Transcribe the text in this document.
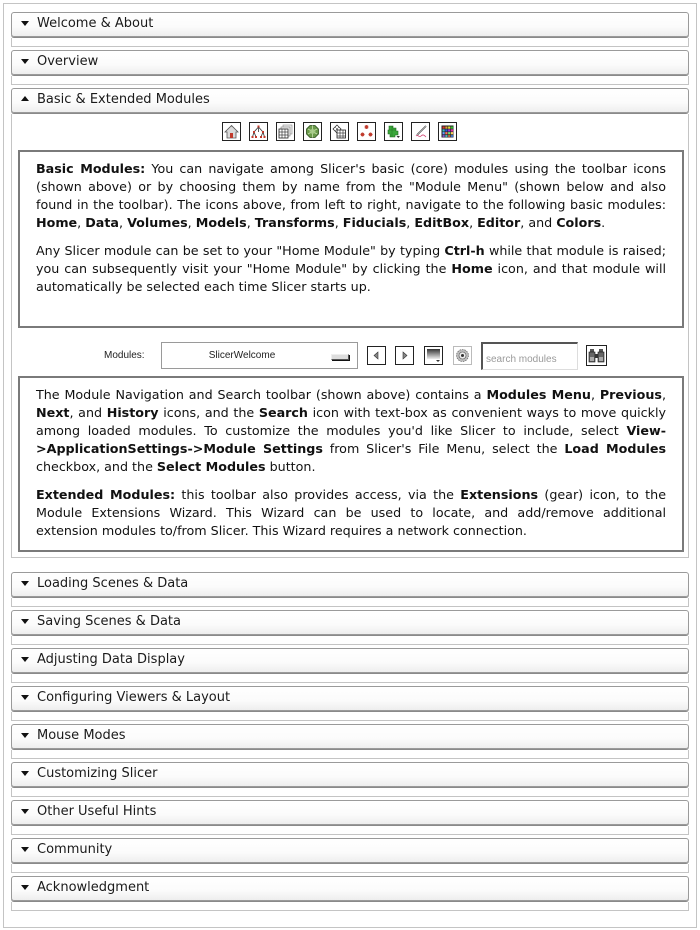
Welcome & About
Overview
Basic & Extended Modules

Basic Modules: You can navigate among Slicer's basic (core) modules using the toolbar icons (shown above) or by choosing them by name from the "Module Menu" (shown below and also found in the toolbar). The icons above, from left to right, navigate to the following basic modules: Home, Data, Volumes, Models, Transforms, Fiducials, EditBox, Editor, and Colors.

Any Slicer module can be set to your "Home Module" by typing Ctrl-h while that module is raised; you can subsequently visit your "Home Module" by clicking the Home icon, and that module will automatically be selected each time Slicer starts up.

Modules:	SlicerWelcome
search modules

The Module Navigation and Search toolbar (shown above) contains a Modules Menu, Previous, Next, and History icons, and the Search icon with text-box as convenient ways to move quickly among loaded modules. To customize the modules you'd like Slicer to include, select View->ApplicationSettings->Module Settings from Slicer's File Menu, select the Load Modules checkbox, and the Select Modules button.

Extended Modules: this toolbar also provides access, via the Extensions (gear) icon, to the Module Extensions Wizard. This Wizard can be used to locate, and add/remove additional extension modules to/from Slicer. This Wizard requires a network connection.

Loading Scenes & Data
Saving Scenes & Data
Adjusting Data Display
Configuring Viewers & Layout
Mouse Modes
Customizing Slicer
Other Useful Hints
Community
Acknowledgment
